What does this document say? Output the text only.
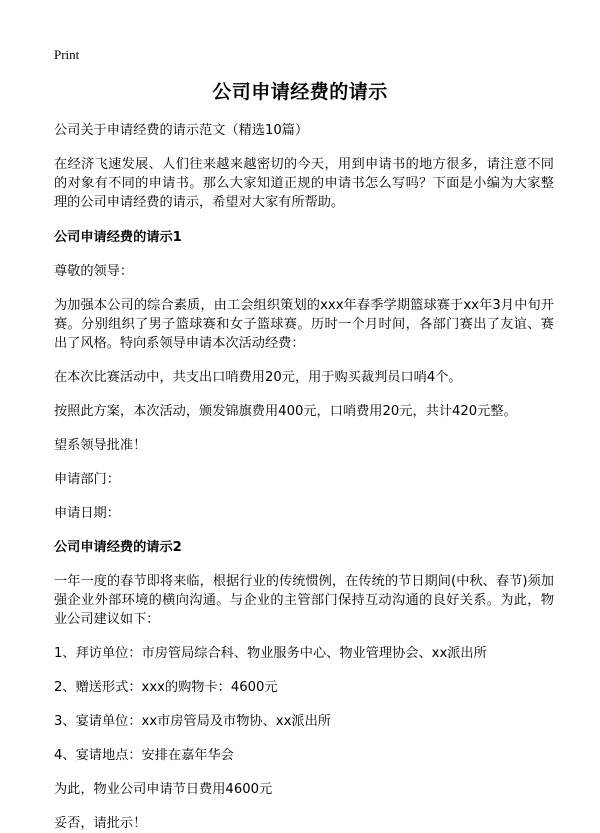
Print
公司申请经费的请示

公司关于申请经费的请示范文（精选10篇）

在经济飞速发展、人们往来越来越密切的今天，用到申请书的地方很多，请注意不同的对象有不同的申请书。那么大家知道正规的申请书怎么写吗？下面是小编为大家整理的公司申请经费的请示，希望对大家有所帮助。

公司申请经费的请示1

尊敬的领导：

为加强本公司的综合素质，由工会组织策划的xxx年春季学期篮球赛于xx年3月中旬开赛。分别组织了男子篮球赛和女子篮球赛。历时一个月时间，各部门赛出了友谊、赛出了风格。特向系领导申请本次活动经费：

在本次比赛活动中，共支出口哨费用20元，用于购买裁判员口哨4个。

按照此方案，本次活动，颁发锦旗费用400元，口哨费用20元，共计420元整。

望系领导批准！

申请部门：

申请日期：

公司申请经费的请示2

一年一度的春节即将来临，根据行业的传统惯例，在传统的节日期间(中秋、春节)须加强企业外部环境的横向沟通。与企业的主管部门保持互动沟通的良好关系。为此，物业公司建议如下：

1、拜访单位：市房管局综合科、物业服务中心、物业管理协会、xx派出所

2、赠送形式：xxx的购物卡：4600元

3、宴请单位：xx市房管局及市物协、xx派出所

4、宴请地点：安排在嘉年华会

为此，物业公司申请节日费用4600元

妥否，请批示！
